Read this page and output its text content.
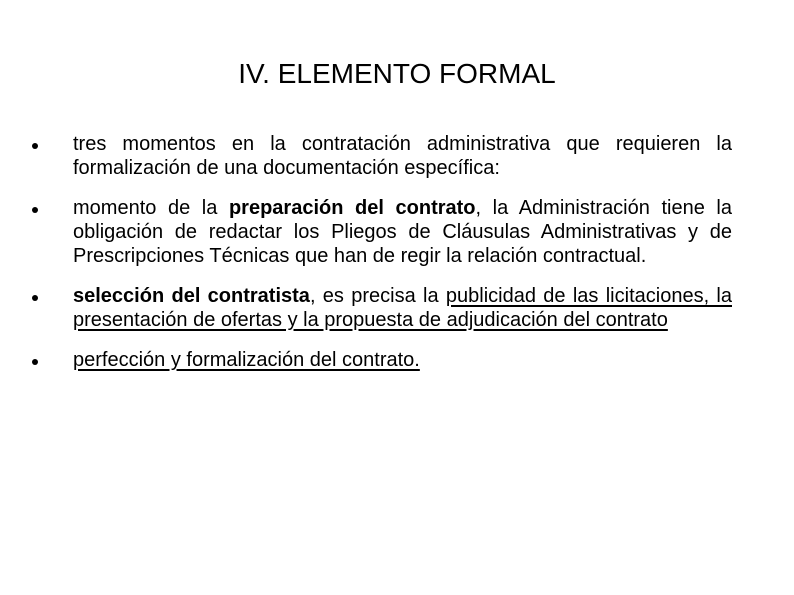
IV. ELEMENTO FORMAL
tres momentos en la contratación administrativa que requieren la formalización de una documentación específica:
momento de la preparación del contrato, la Administración tiene la obligación de redactar los Pliegos de Cláusulas Administrativas y de Prescripciones Técnicas que han de regir la relación contractual.
selección del contratista, es precisa la publicidad de las licitaciones, la presentación de ofertas y la propuesta de adjudicación del contrato
perfección y formalización del contrato.
